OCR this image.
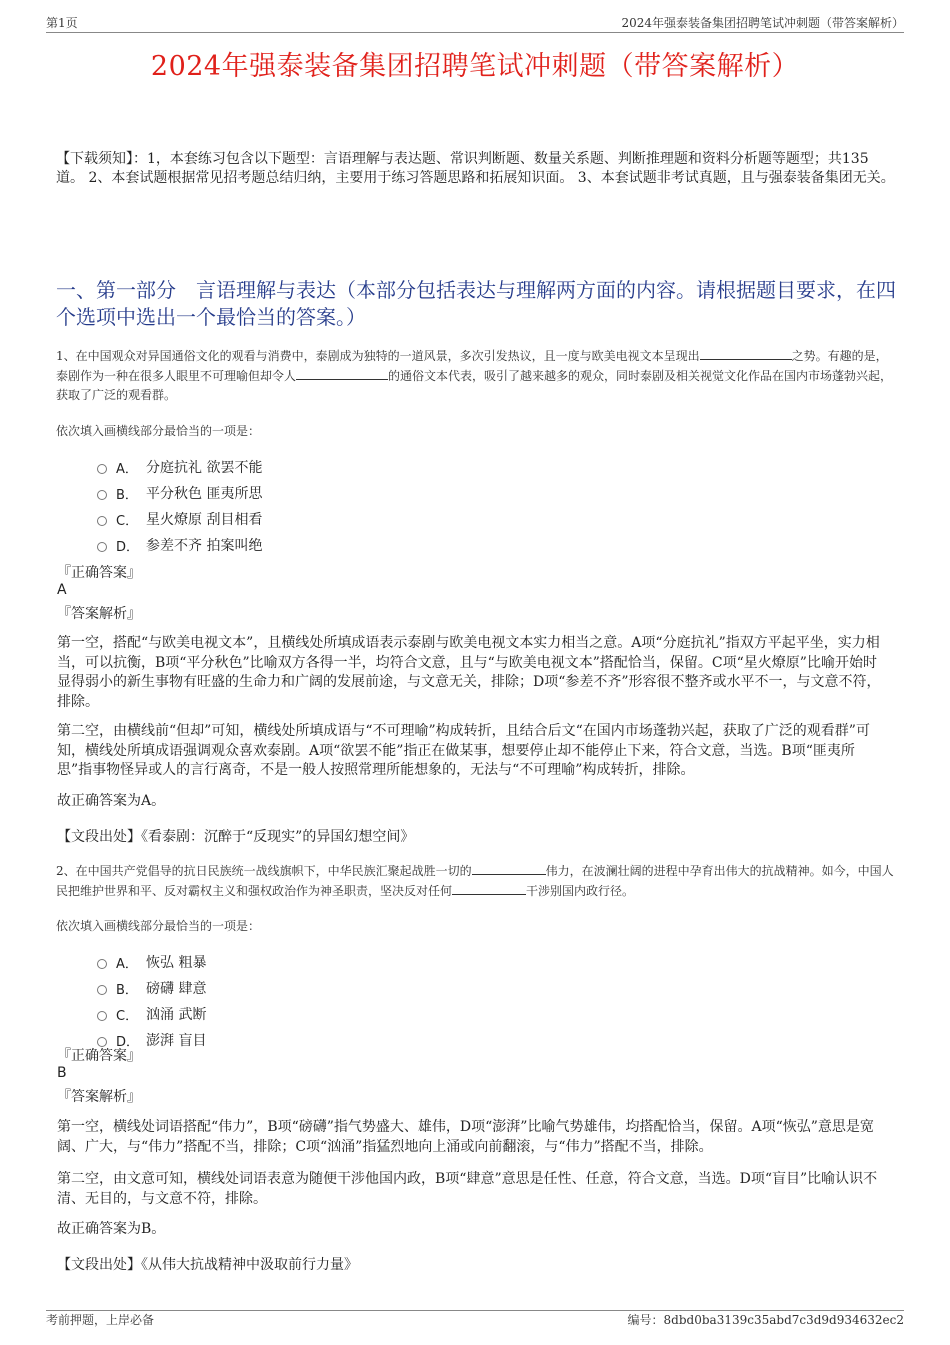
第1页	2024年强泰装备集团招聘笔试冲刺题（带答案解析）
2024年强泰装备集团招聘笔试冲刺题（带答案解析）
【下载须知】：1，本套练习包含以下题型：言语理解与表达题、常识判断题、数量关系题、判断推理题和资料分析题等题型；共135道。 2、本套试题根据常见招考题总结归纳，主要用于练习答题思路和拓展知识面。 3、本套试题非考试真题，且与强泰装备集团无关。
一、第一部分　言语理解与表达（本部分包括表达与理解两方面的内容。请根据题目要求，在四个选项中选出一个最恰当的答案。）
1、在中国观众对异国通俗文化的观看与消费中，泰剧成为独特的一道风景，多次引发热议，且一度与欧美电视文本呈现出	之势。有趣的是，泰剧作为一种在很多人眼里不可理喻但却令人	的通俗文本代表，吸引了越来越多的观众，同时泰剧及相关视觉文化作品在国内市场蓬勃兴起，获取了广泛的观看群。
依次填入画横线部分最恰当的一项是：
A． 分庭抗礼 欲罢不能
B． 平分秋色 匪夷所思
C． 星火燎原 刮目相看
D． 参差不齐 拍案叫绝
『正确答案』
A
『答案解析』
第一空，搭配“与欧美电视文本”，且横线处所填成语表示泰剧与欧美电视文本实力相当之意。A项“分庭抗礼”指双方平起平坐，实力相当，可以抗衡，B项“平分秋色”比喻双方各得一半，均符合文意，且与“与欧美电视文本”搭配恰当，保留。C项“星火燎原”比喻开始时显得弱小的新生事物有旺盛的生命力和广阔的发展前途，与文意无关，排除；D项“参差不齐”形容很不整齐或水平不一，与文意不符，排除。
第二空，由横线前“但却”可知，横线处所填成语与“不可理喻”构成转折，且结合后文“在国内市场蓬勃兴起，获取了广泛的观看群”可知，横线处所填成语强调观众喜欢泰剧。A项“欲罢不能”指正在做某事，想要停止却不能停止下来，符合文意，当选。B项“匪夷所思”指事物怪异或人的言行离奇，不是一般人按照常理所能想象的，无法与“不可理喻”构成转折，排除。
故正确答案为A。
【文段出处】《看泰剧：沉醉于“反现实”的异国幻想空间》
2、在中国共产党倡导的抗日民族统一战线旗帜下，中华民族汇聚起战胜一切的	伟力，在波澜壮阔的进程中孕育出伟大的抗战精神。如今，中国人民把维护世界和平、反对霸权主义和强权政治作为神圣职责，坚决反对任何	干涉别国内政行径。
依次填入画横线部分最恰当的一项是：
A． 恢弘 粗暴
B． 磅礴 肆意
C． 汹涌 武断
D． 澎湃 盲目
『正确答案』
B
『答案解析』
第一空，横线处词语搭配“伟力”，B项“磅礴”指气势盛大、雄伟，D项“澎湃”比喻气势雄伟，均搭配恰当，保留。A项“恢弘”意思是宽阔、广大，与“伟力”搭配不当，排除；C项“汹涌”指猛烈地向上涌或向前翻滚，与“伟力”搭配不当，排除。
第二空，由文意可知，横线处词语表意为随便干涉他国内政，B项“肆意”意思是任性、任意，符合文意，当选。D项“盲目”比喻认识不清、无目的，与文意不符，排除。
故正确答案为B。
【文段出处】《从伟大抗战精神中汲取前行力量》
考前押题，上岸必备	编号：8dbd0ba3139c35abd7c3d9d934632ec2
